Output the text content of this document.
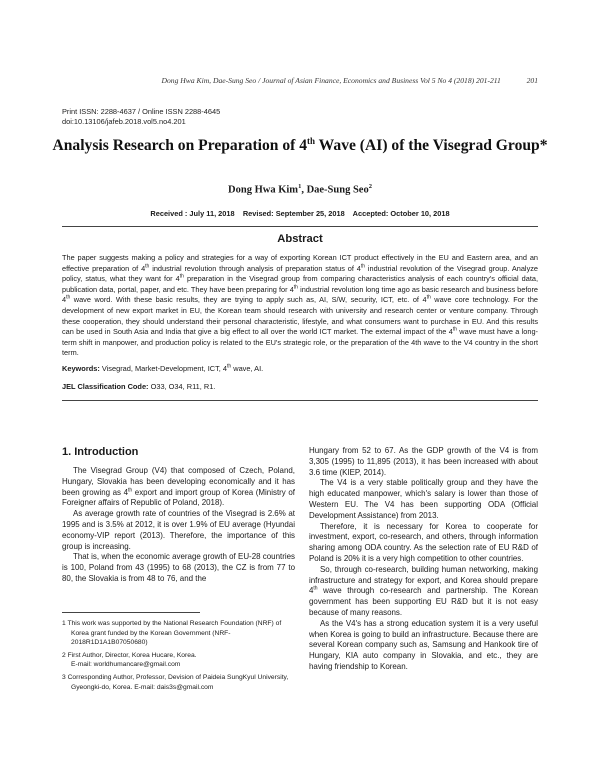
Dong Hwa Kim, Dae-Sung Seo / Journal of Asian Finance, Economics and Business Vol 5 No 4 (2018) 201-211	201
Print ISSN: 2288-4637 / Online ISSN 2288-4645
doi:10.13106/jafeb.2018.vol5.no4.201
Analysis Research on Preparation of 4th Wave (AI) of the Visegrad Group*
Dong Hwa Kim$^1$, Dae-Sung Seo$^2$
Received : July 11, 2018    Revised: September 25, 2018    Accepted: October 10, 2018
Abstract
The paper suggests making a policy and strategies for a way of exporting Korean ICT product effectively in the EU and Eastern area, and an effective preparation of 4th industrial revolution through analysis of preparation status of 4th industrial revolution of the Visegrad group. Analyze policy, status, what they want for 4th preparation in the Visegrad group from comparing characteristics analysis of each country's official data, publication data, portal, paper, and etc. They have been preparing for 4th industrial revolution long time ago as basic research and business before 4th wave word. With these basic results, they are trying to apply such as, AI, S/W, security, ICT, etc. of 4th wave core technology. For the development of new export market in EU, the Korean team should research with university and research center or venture company. Through these cooperation, they should understand their personal characteristic, lifestyle, and what consumers want to purchase in EU. And this results can be used in South Asia and India that give a big effect to all over the world ICT market. The external impact of the 4th wave must have a long-term shift in manpower, and production policy is related to the EU's strategic role, or the preparation of the 4th wave to the V4 country in the short term.
Keywords: Visegrad, Market-Development, ICT, 4th wave, AI.
JEL Classification Code: O33, O34, R11, R1.
1. Introduction

The Visegrad Group (V4) that composed of Czech, Poland, Hungary, Slovakia has been developing economically and it has been growing as 4th export and import group of Korea (Ministry of Foreigner affairs of Republic of Poland, 2018).

As average growth rate of countries of the Visegrad is 2.6% at 1995 and is 3.5% at 2012, it is over 1.9% of EU average (Hyundai economy-VIP report (2013). Therefore, the importance of this group is increasing.

That is, when the economic average growth of EU-28 countries is 100, Poland from 43 (1995) to 68 (2013), the CZ is from 77 to 80, the Slovakia is from 48 to 76, and the

1 This work was supported by the National Research Foundation (NRF) of Korea grant funded by the Korean Government (NRF-2018R1D1A1B07050680)

2 First Author, Director, Korea Hucare, Korea.
E-mail: worldhumancare@gmail.com

3 Corresponding Author, Professor, Devision of Paideia SungKyul University, Gyeongki-do, Korea. E-mail: dais3s@gmail.com

Hungary from 52 to 67. As the GDP growth of the V4 is from 3,305 (1995) to 11,895 (2013), it has been increased with about 3.6 time (KIEP, 2014).

The V4 is a very stable politically group and they have the high educated manpower, which's salary is lower than those of Western EU. The V4 has been supporting ODA (Official Development Assistance) from 2013.

Therefore, it is necessary for Korea to cooperate for investment, export, co-research, and others, through information sharing among ODA country. As the selection rate of EU R&D of Poland is 20% it is a very high competition to other countries.

So, through co-research, building human networking, making infrastructure and strategy for export, and Korea should prepare 4th wave through co-research and partnership. The Korean government has been supporting EU R&D but it is not easy because of many reasons.

As the V4's has a strong education system it is a very useful when Korea is going to build an infrastructure. Because there are several Korean company such as, Samsung and Hankook tire of Hungary, KIA auto company in Slovakia, and etc., they are having friendship to Korean.
